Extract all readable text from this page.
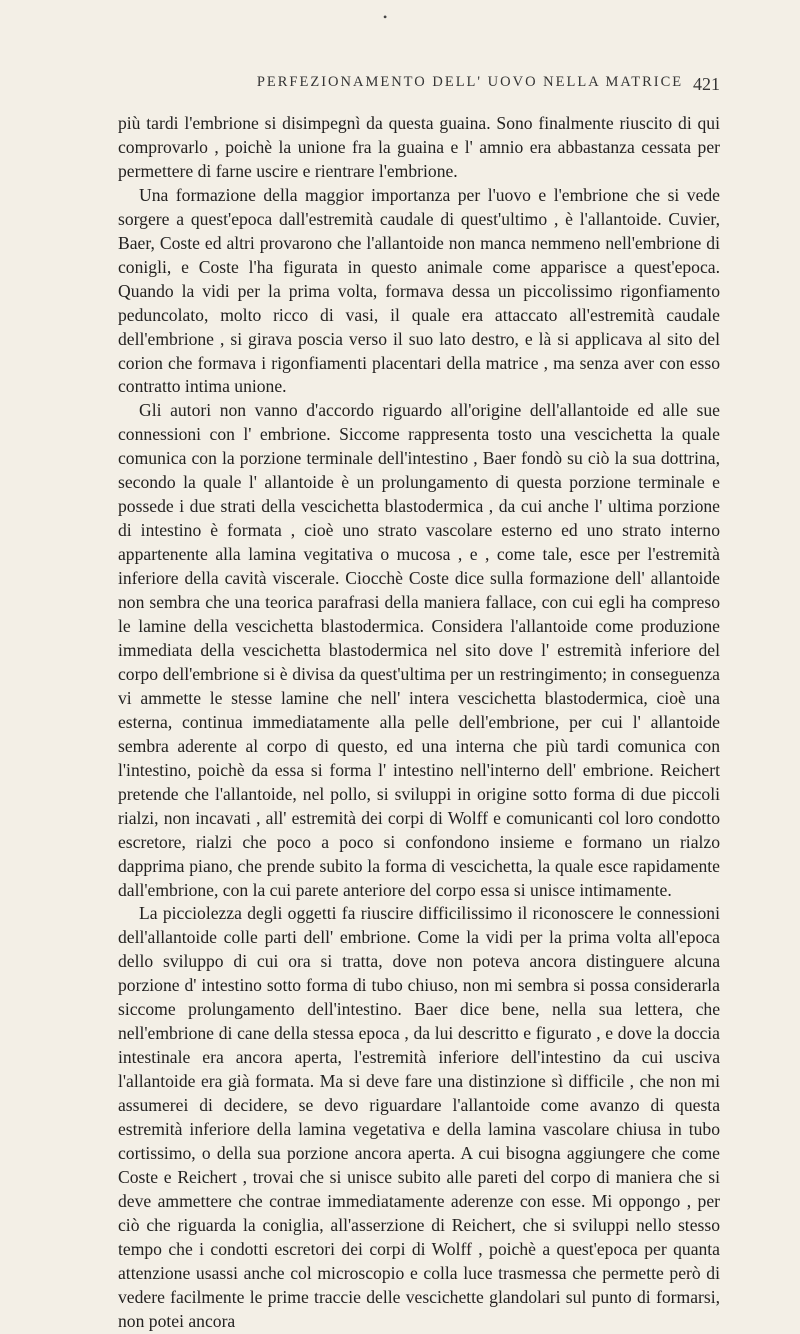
•
PERFEZIONAMENTO DELL' UOVO NELLA MATRICE 421

più tardi l'embrione si disimpegnì da questa guaina. Sono finalmente riuscito di qui comprovarlo , poichè la unione fra la guaina e l' amnio era abbastanza cessata per permettere di farne uscire e rientrare l'embrione.

Una formazione della maggior importanza per l'uovo e l'embrione che si vede sorgere a quest'epoca dall'estremità caudale di quest'ultimo , è l'allantoide. Cuvier, Baer, Coste ed altri provarono che l'allantoide non manca nemmeno nell'embrione di conigli, e Coste l'ha figurata in questo animale come apparisce a quest'epoca. Quando la vidi per la prima volta, formava dessa un piccolissimo rigonfiamento peduncolato, molto ricco di vasi, il quale era attaccato all'estremità caudale dell'embrione , si girava poscia verso il suo lato destro, e là si applicava al sito del corion che formava i rigonfiamenti placentari della matrice , ma senza aver con esso contratto intima unione.

Gli autori non vanno d'accordo riguardo all'origine dell'allantoide ed alle sue connessioni con l' embrione. Siccome rappresenta tosto una vescichetta la quale comunica con la porzione terminale dell'intestino , Baer fondò su ciò la sua dottrina, secondo la quale l' allantoide è un prolungamento di questa porzione terminale e possede i due strati della vescichetta blastodermica , da cui anche l' ultima porzione di intestino è formata , cioè uno strato vascolare esterno ed uno strato interno appartenente alla lamina vegitativa o mucosa , e , come tale, esce per l'estremità inferiore della cavità viscerale. Ciocchè Coste dice sulla formazione dell' allantoide non sembra che una teorica parafrasi della maniera fallace, con cui egli ha compreso le lamine della vescichetta blastodermica. Considera l'allantoide come produzione immediata della vescichetta blastodermica nel sito dove l' estremità inferiore del corpo dell'embrione si è divisa da quest'ultima per un restringimento; in conseguenza vi ammette le stesse lamine che nell' intera vescichetta blastodermica, cioè una esterna, continua immediatamente alla pelle dell'embrione, per cui l' allantoide sembra aderente al corpo di questo, ed una interna che più tardi comunica con l'intestino, poichè da essa si forma l' intestino nell'interno dell' embrione. Reichert pretende che l'allantoide, nel pollo, si sviluppi in origine sotto forma di due piccoli rialzi, non incavati , all' estremità dei corpi di Wolff e comunicanti col loro condotto escretore, rialzi che poco a poco si confondono insieme e formano un rialzo dapprima piano, che prende subito la forma di vescichetta, la quale esce rapidamente dall'embrione, con la cui parete anteriore del corpo essa si unisce intimamente.

La picciolezza degli oggetti fa riuscire difficilissimo il riconoscere le connessioni dell'allantoide colle parti dell' embrione. Come la vidi per la prima volta all'epoca dello sviluppo di cui ora si tratta, dove non poteva ancora distinguere alcuna porzione d' intestino sotto forma di tubo chiuso, non mi sembra si possa considerarla siccome prolungamento dell'intestino. Baer dice bene, nella sua lettera, che nell'embrione di cane della stessa epoca , da lui descritto e figurato , e dove la doccia intestinale era ancora aperta, l'estremità inferiore dell'intestino da cui usciva l'allantoide era già formata. Ma si deve fare una distinzione sì difficile , che non mi assumerei di decidere, se devo riguardare l'allantoide come avanzo di questa estremità inferiore della lamina vegetativa e della lamina vascolare chiusa in tubo cortissimo, o della sua porzione ancora aperta. A cui bisogna aggiungere che come Coste e Reichert , trovai che si unisce subito alle pareti del corpo di maniera che si deve ammettere che contrae immediatamente aderenze con esse. Mi oppongo , per ciò che riguarda la coniglia, all'asserzione di Reichert, che si sviluppi nello stesso tempo che i condotti escretori dei corpi di Wolff , poichè a quest'epoca per quanta attenzione usassi anche col microscopio e colla luce trasmessa che permette però di vedere facilmente le prime traccie delle vescichette glandolari sul punto di formarsi, non potei ancora
